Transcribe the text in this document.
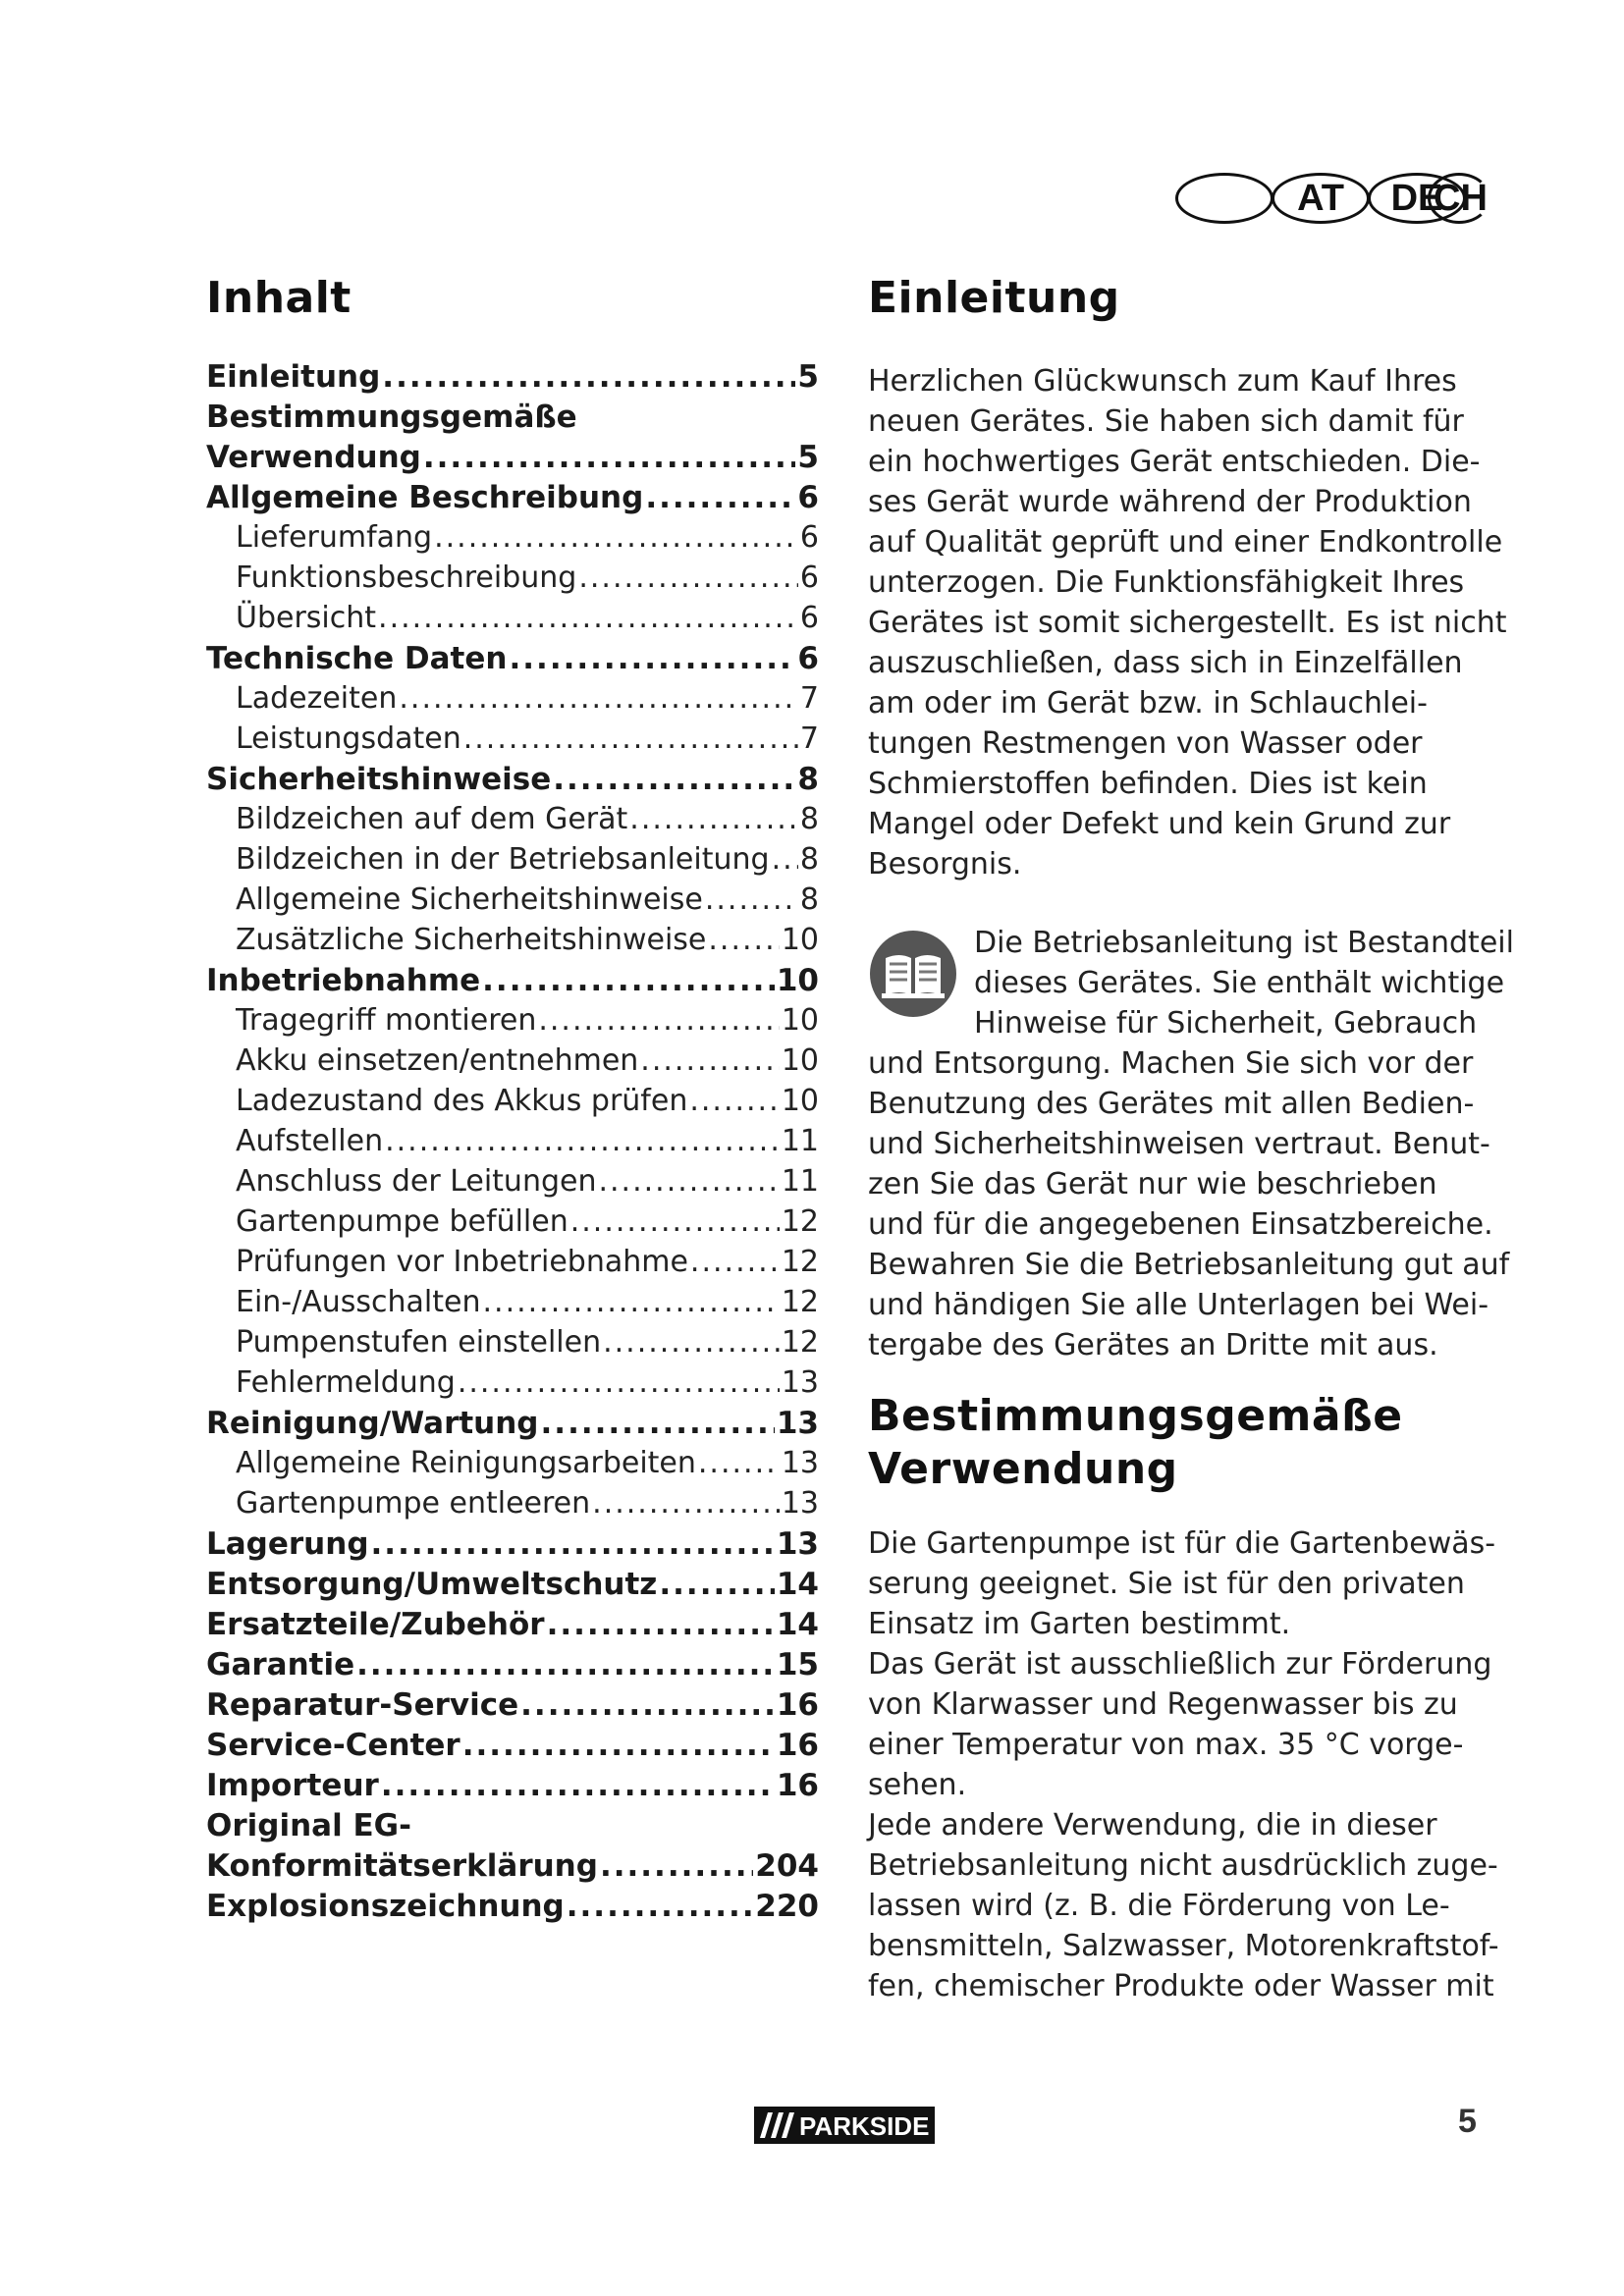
AT	DE
CH
Inhalt
Einleitung .....	5
Bestimmungsgemäße
Verwendung .....	5
Allgemeine Beschreibung .....	6
Lieferumfang .....	6
Funktionsbeschreibung .....	6
Übersicht .....	6
Technische Daten .....	6
Ladezeiten .....	7
Leistungsdaten .....	7
Sicherheitshinweise .....	8
Bildzeichen auf dem Gerät .....	8
Bildzeichen in der Betriebsanleitung ..... 8
Allgemeine Sicherheitshinweise .....	8
Zusätzliche Sicherheitshinweise .....	10
Inbetriebnahme .....	10
Tragegriff montieren .....	10
Akku einsetzen/entnehmen .....	10
Ladezustand des Akkus prüfen .....	10
Aufstellen .....	11
Anschluss der Leitungen .....	11
Gartenpumpe befüllen .....	12
Prüfungen vor Inbetriebnahme .....	12
Ein-/Ausschalten .....	12
Pumpenstufen einstellen .....	12
Fehlermeldung .....	13
Reinigung/Wartung .....	13
Allgemeine Reinigungsarbeiten .....	13
Gartenpumpe entleeren .....	13
Lagerung .....	13
Entsorgung/Umweltschutz .....	14
Ersatzteile/Zubehör .....	14
Garantie .....	15
Reparatur-Service .....	16
Service-Center .....	16
Importeur .....	16
Original EG-
Konformitätserklärung .....	204
Explosionszeichnung .....	220
Einleitung

Herzlichen Glückwunsch zum Kauf Ihres

neuen Gerätes. Sie haben sich damit für

ein hochwertiges Gerät entschieden. Die-

ses Gerät wurde während der Produktion

auf Qualität geprüft und einer Endkontrolle

unterzogen. Die Funktionsfähigkeit Ihres

Gerätes ist somit sichergestellt. Es ist nicht

auszuschließen, dass sich in Einzelfällen

am oder im Gerät bzw. in Schlauchlei-

tungen Restmengen von Wasser oder

Schmierstoffen befinden. Dies ist kein

Mangel oder Defekt und kein Grund zur

Besorgnis.

Die Betriebsanleitung ist Bestandteil

dieses Gerätes. Sie enthält wichtige

Hinweise für Sicherheit, Gebrauch

und Entsorgung. Machen Sie sich vor der

Benutzung des Gerätes mit allen Bedien-

und Sicherheitshinweisen vertraut. Benut-

zen Sie das Gerät nur wie beschrieben

und für die angegebenen Einsatzbereiche.

Bewahren Sie die Betriebsanleitung gut auf

und händigen Sie alle Unterlagen bei Wei-

tergabe des Gerätes an Dritte mit aus.

Bestimmungsgemäße
Verwendung

Die Gartenpumpe ist für die Gartenbewäs-

serung geeignet. Sie ist für den privaten

Einsatz im Garten bestimmt.

Das Gerät ist ausschließlich zur Förderung

von Klarwasser und Regenwasser bis zu

einer Temperatur von max. 35 °C vorge-

sehen.

Jede andere Verwendung, die in dieser

Betriebsanleitung nicht ausdrücklich zuge-

lassen wird (z. B. die Förderung von Le-

bensmitteln, Salzwasser, Motorenkraftstof-

fen, chemischer Produkte oder Wasser mit

PARKSIDE	5
